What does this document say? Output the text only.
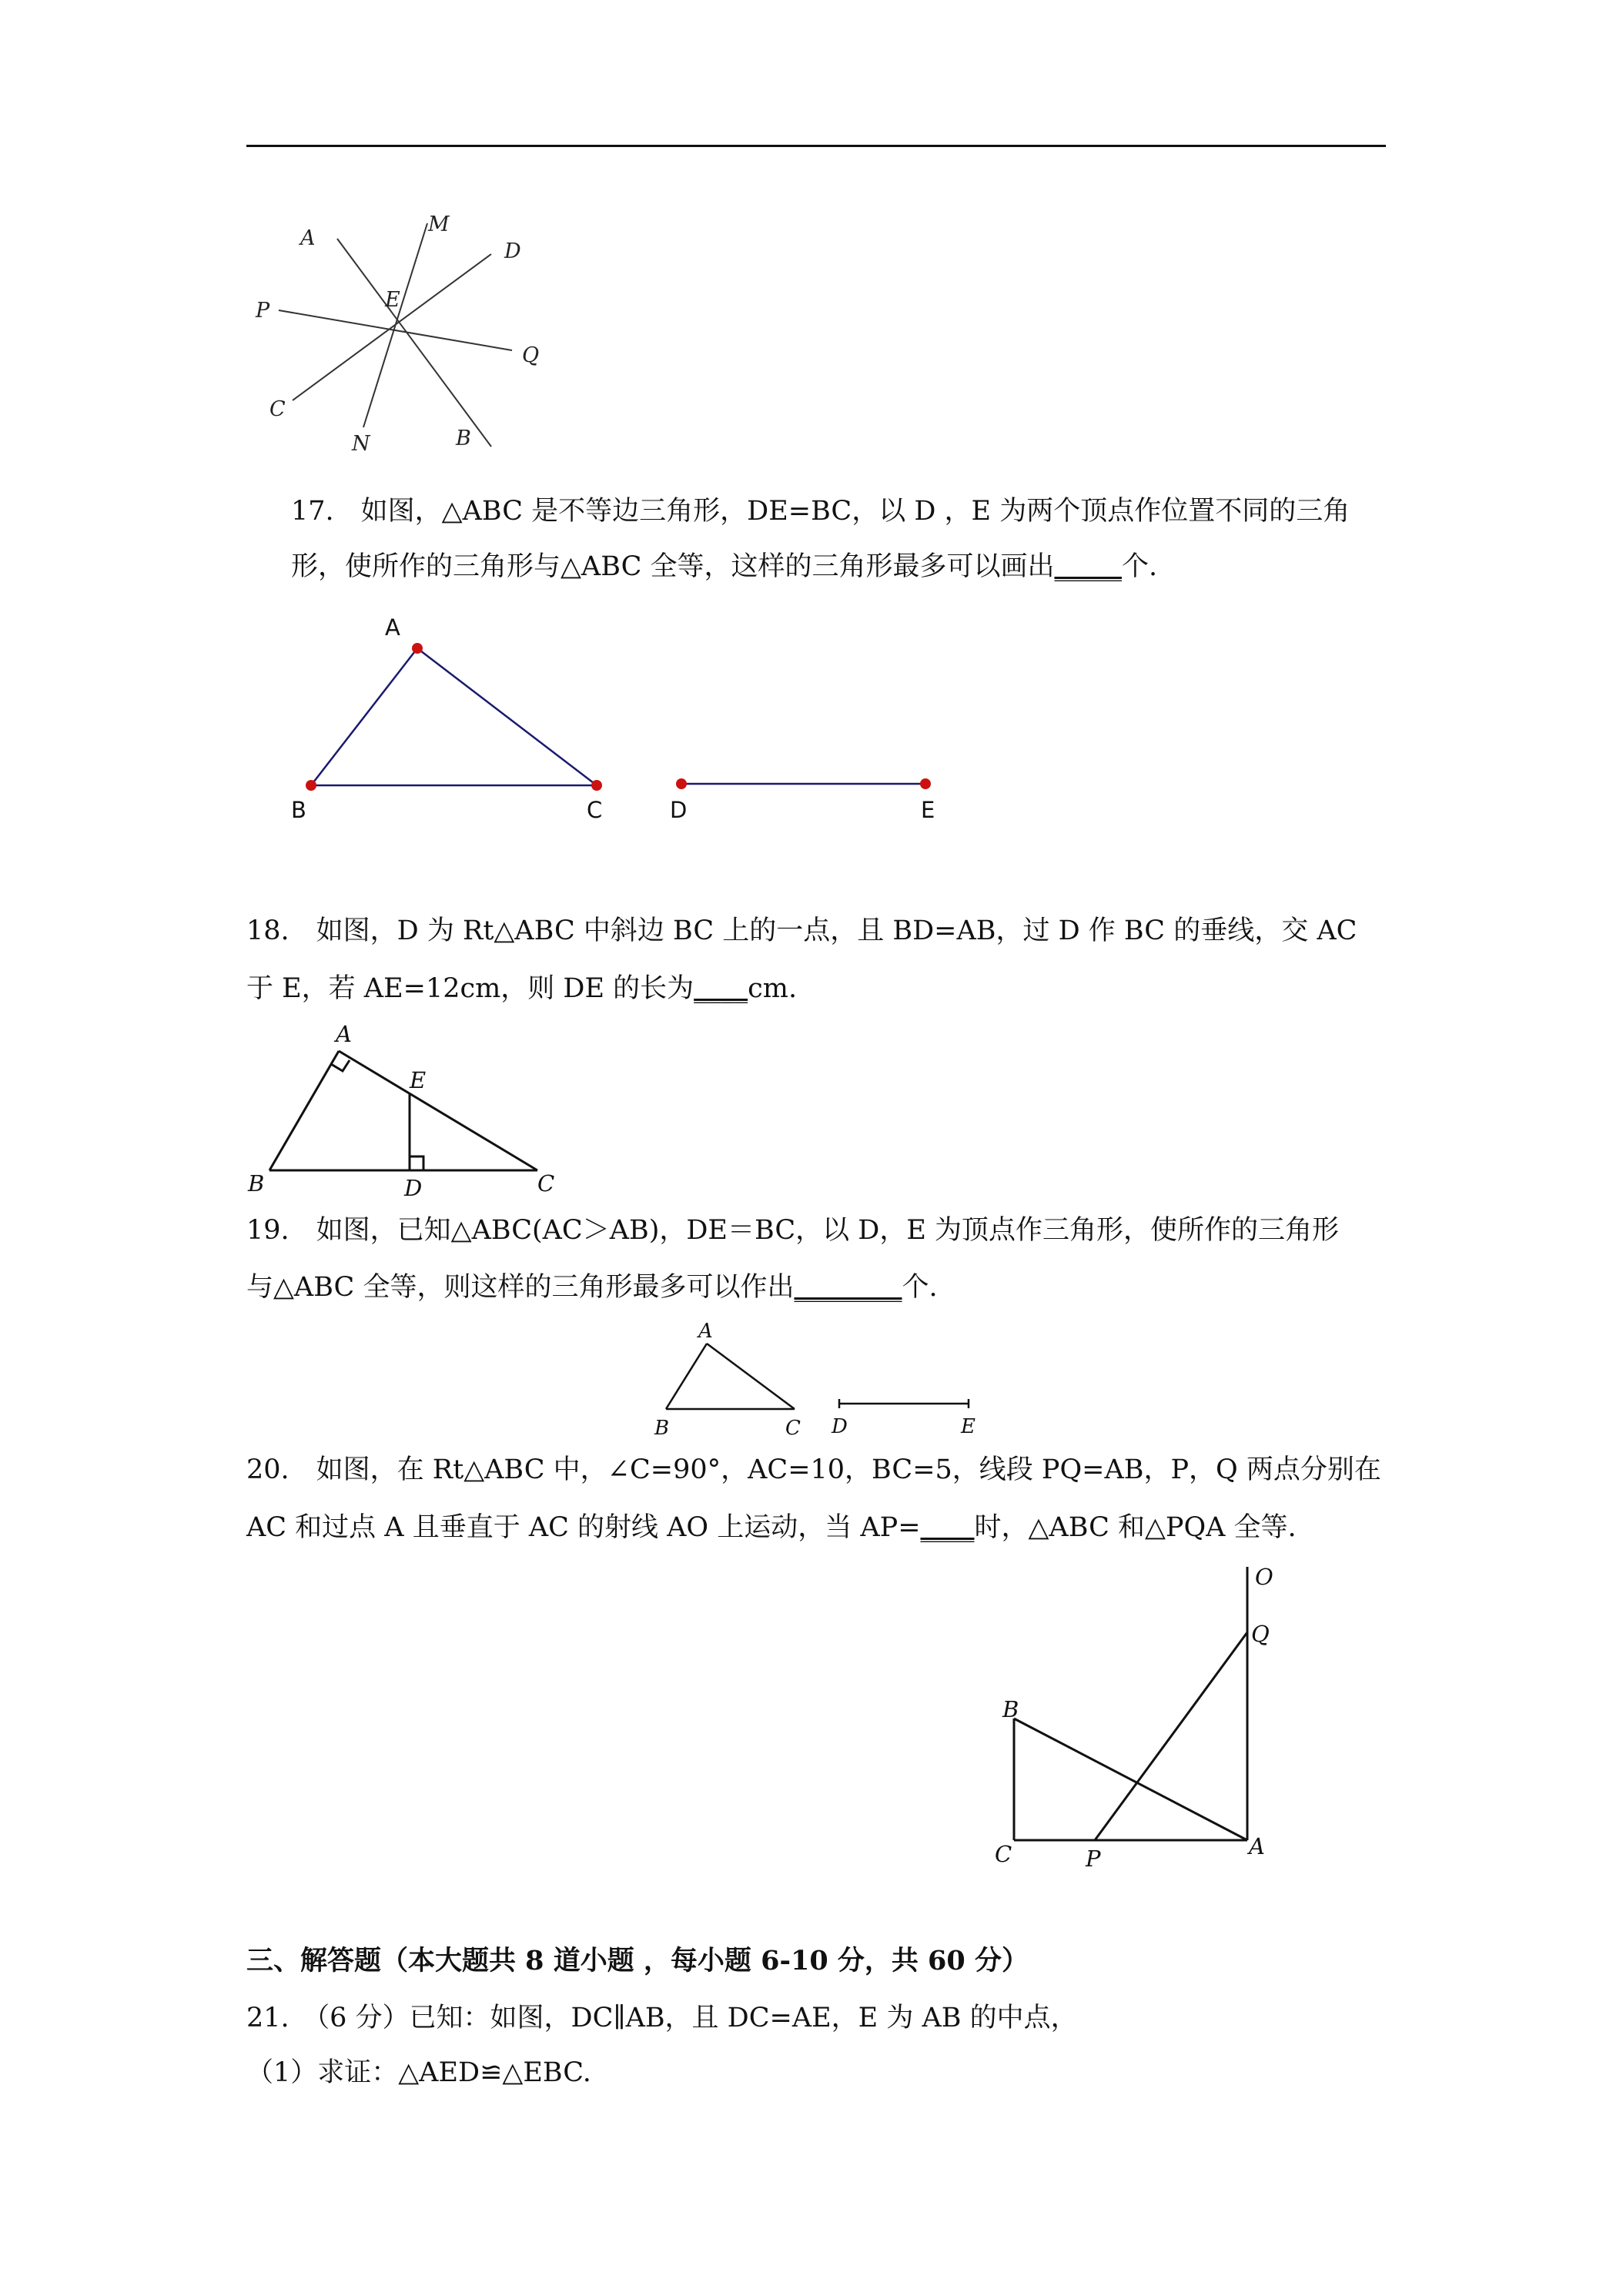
A
M
D
P	E
Q
C
N	B
17.　如图，△ABC 是不等边三角形，DE=BC，以 D ，E 为两个顶点作位置不同的三角
形，使所作的三角形与△ABC 全等，这样的三角形最多可以画出_____个.
A
B	C	D	E
18.　如图，D 为 Rt△ABC 中斜边 BC 上的一点，且 BD=AB，过 D 作 BC 的垂线，交 AC
于 E，若 AE=12cm，则 DE 的长为____cm.
A
E
B	D	C
19.　如图，已知△ABC(AC＞AB)，DE＝BC，以 D，E 为顶点作三角形，使所作的三角形
与△ABC 全等，则这样的三角形最多可以作出________个.
A
B	C D	E
20.　如图，在 Rt△ABC 中，∠C=90°，AC=10，BC=5，线段 PQ=AB，P，Q 两点分别在
AC 和过点 A 且垂直于 AC 的射线 AO 上运动，当 AP=____时，△ABC 和△PQA 全等.
O
Q
B
C	P	A
三、解答题（本大题共 8 道小题 ，每小题 6-10 分，共 60 分）
21.　（6 分）已知：如图，DC∥AB，且 DC=AE，E 为 AB 的中点，
（1）求证：△AED≌△EBC.
